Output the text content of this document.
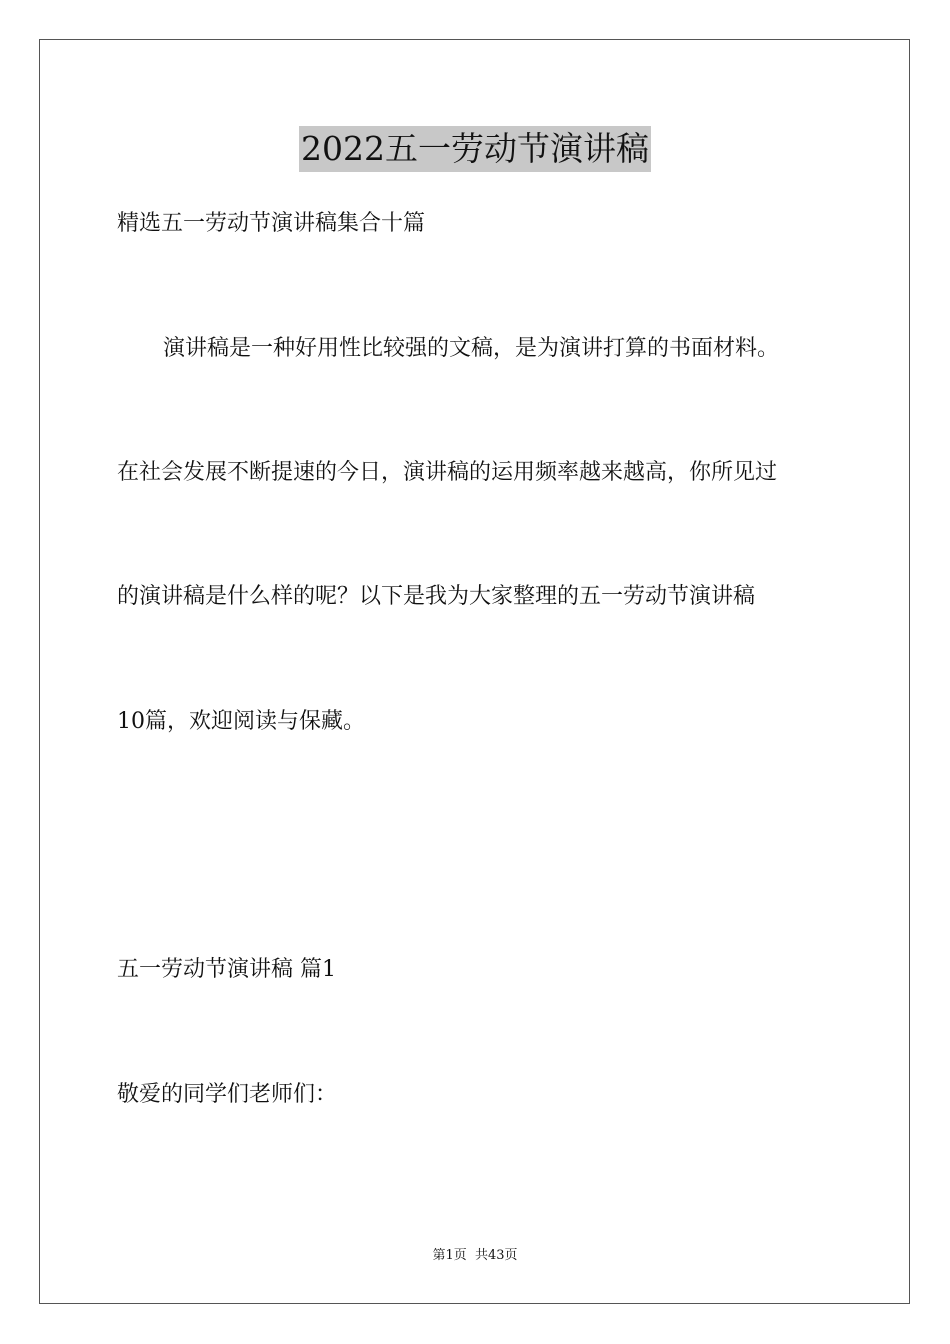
2022五一劳动节演讲稿
精选五一劳动节演讲稿集合十篇
演讲稿是一种好用性比较强的文稿，是为演讲打算的书面材料。
在社会发展不断提速的今日，演讲稿的运用频率越来越高，你所见过
的演讲稿是什么样的呢？以下是我为大家整理的五一劳动节演讲稿
10篇，欢迎阅读与保藏。
五一劳动节演讲稿 篇1
敬爱的同学们老师们：
第1页 共43页
